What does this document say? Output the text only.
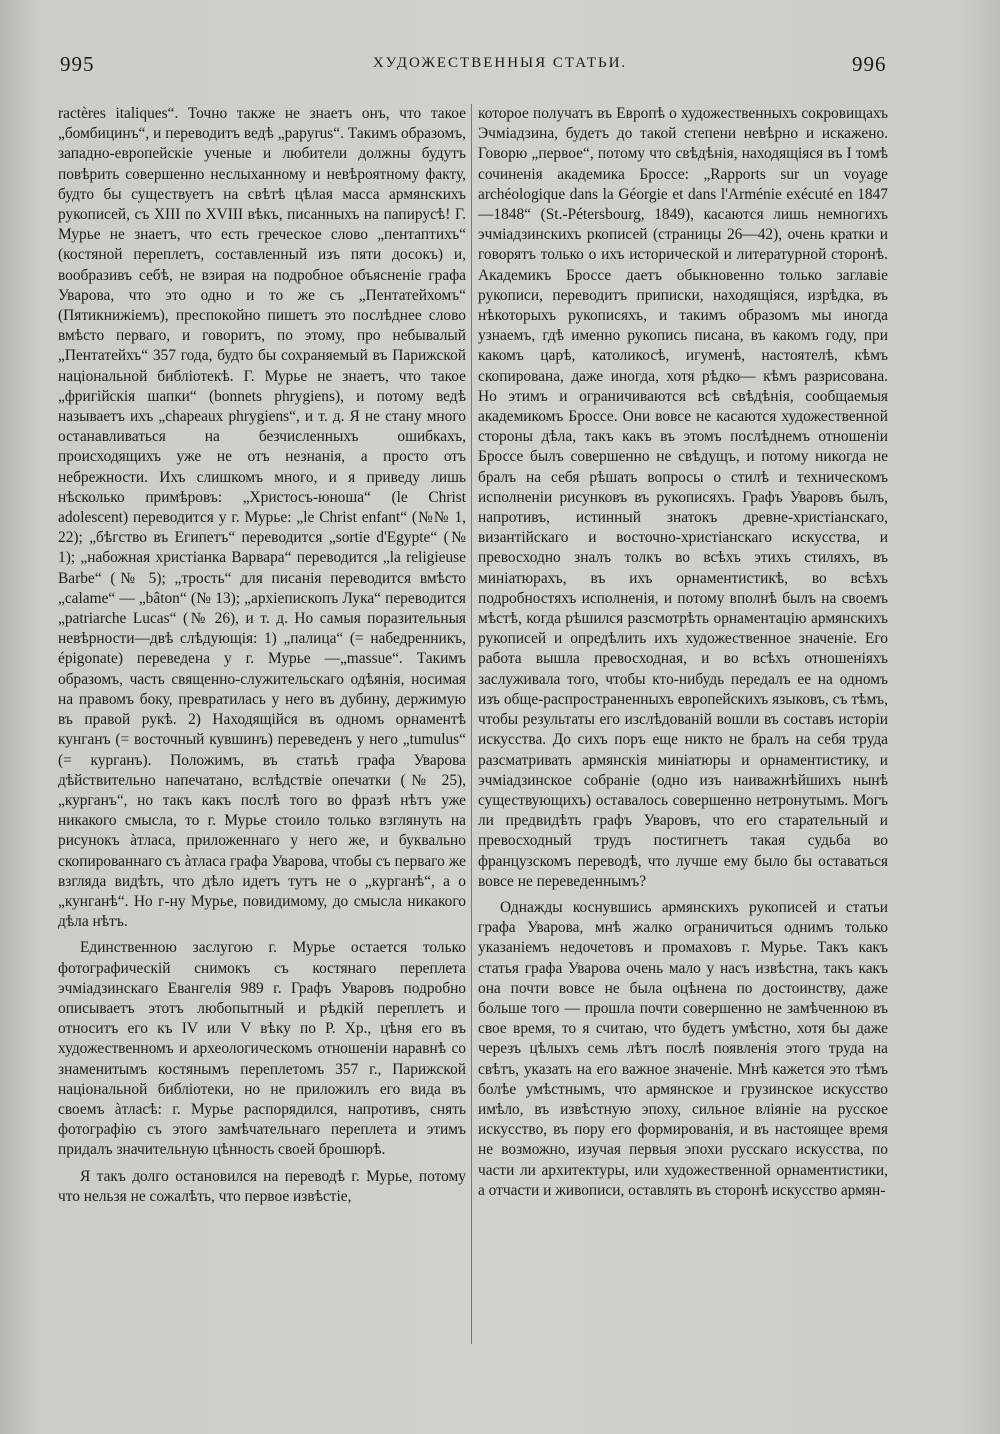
995	ХУДОЖЕСТВЕННЫЯ СТАТЬИ.	996

ractères italiques“. Точно также не знаетъ онъ, что такое „бомбицинъ“, и переводитъ ведѣ „papyrus“. Такимъ образомъ, западно-европейскіе ученые и любители должны будутъ повѣрить совершенно неслыханному и невѣроятному факту, будто бы существуетъ на свѣтѣ цѣлая масса армянскихъ рукописей, съ XIII по XVIII вѣкъ, писанныхъ на папирусѣ! Г. Мурье не знаетъ, что есть греческое слово „пентаптихъ“ (костяной переплетъ, составленный изъ пяти досокъ) и, вообразивъ себѣ, не взирая на подробное объясненіе графа Уварова, что это одно и то же съ „Пентатейхомъ“ (Пятикнижіемъ), преспокойно пишетъ это послѣднее слово вмѣсто перваго, и говоритъ, по этому, про небывалый „Пентатейхъ“ 357 года, будто бы сохраняемый въ Парижской національной библіотекѣ. Г. Мурье не знаетъ, что такое „фригійскія шапки“ (bonnets phrygiens), и потому ведѣ называетъ ихъ „chapeaux phrygiens“, и т. д. Я не стану много останавливаться на безчисленныхъ ошибкахъ, происходящихъ уже не отъ незнанія, а просто отъ небрежности. Ихъ слишкомъ много, и я приведу лишь нѣсколько примѣровъ: „Христосъ-юноша“ (le Christ adolescent) переводится у г. Мурье: „le Christ enfant“ (№№ 1, 22); „бѣгство въ Египетъ“ переводится „sortie d'Egypte“ (№ 1); „набожная христіанка Варвара“ переводится „la religieuse Barbe“ (№ 5); „трость“ для писанія переводится вмѣсто „calame“ — „bâton“ (№ 13); „архіепископъ Лука“ переводится „patriarche Lucas“ (№ 26), и т. д. Но самыя поразительныя невѣрности—двѣ слѣдующія: 1) „палица“ (= набедренникъ, épigonate) переведена у г. Мурье —„massue“. Такимъ образомъ, часть священно-служительскаго одѣянія, носимая на правомъ боку, превратилась у него въ дубину, держимую въ правой рукѣ. 2) Находящійся въ одномъ орнаментѣ кунганъ (= восточный кувшинъ) переведенъ у него „tumulus“ (= курганъ). Положимъ, въ статьѣ графа Уварова дѣйствительно напечатано, вслѣдствіе опечатки (№ 25), „курганъ“, но такъ какъ послѣ того во фразѣ нѣтъ уже никакого смысла, то г. Мурье стоило только взглянуть на рисунокъ àтласа, приложеннаго у него же, и буквально скопированнаго съ àтласа графа Уварова, чтобы съ перваго же взгляда видѣть, что дѣло идетъ тутъ не о „курганѣ“, а о „кунганѣ“. Но г-ну Мурье, повидимому, до смысла никакого дѣла нѣтъ.

Единственною заслугою г. Мурье остается только фотографическій снимокъ съ костянаго переплета эчміадзинскаго Евангелія 989 г. Графъ Уваровъ подробно описываетъ этотъ любопытный и рѣдкій переплетъ и относитъ его къ IV или V вѣку по Р. Хр., цѣня его въ художественномъ и археологическомъ отношеніи наравнѣ со знаменитымъ костянымъ переплетомъ 357 г., Парижской національной библіотеки, но не приложилъ его вида въ своемъ àтласѣ: г. Мурье распорядился, напротивъ, снять фотографію съ этого замѣчательнаго переплета и этимъ придалъ значительную цѣнность своей брошюрѣ.

Я такъ долго остановился на переводѣ г. Мурье, потому что нельзя не сожалѣть, что первое извѣстіе,

которое получатъ въ Европѣ о художественныхъ сокровищахъ Эчміадзина, будетъ до такой степени невѣрно и искажено. Говорю „первое“, потому что свѣдѣнія, находящіяся въ I томѣ сочиненія академика Броссе: „Rapports sur un voyage archéologique dans la Géorgie et dans l'Arménie exécuté en 1847—1848“ (St.-Pétersbourg, 1849), касаются лишь немногихъ эчміадзинскихъ ркописей (страницы 26—42), очень кратки и говорятъ только о ихъ исторической и литературной сторонѣ. Академикъ Броссе даетъ обыкновенно только заглавіе рукописи, переводитъ приписки, находящіяся, изрѣдка, въ нѣкоторыхъ рукописяхъ, и такимъ образомъ мы иногда узнаемъ, гдѣ именно рукопись писана, въ какомъ году, при какомъ царѣ, католикосѣ, игуменѣ, настоятелѣ, кѣмъ скопирована, даже иногда, хотя рѣдко— кѣмъ разрисована. Но этимъ и ограничиваются всѣ свѣдѣнія, сообщаемыя академикомъ Броссе. Они вовсе не касаются художественной стороны дѣла, такъ какъ въ этомъ послѣднемъ отношеніи Броссе былъ совершенно не свѣдущъ, и потому никогда не бралъ на себя рѣшать вопросы о стилѣ и техническомъ исполненіи рисунковъ въ рукописяхъ. Графъ Уваровъ былъ, напротивъ, истинный знатокъ древне-христіанскаго, византійскаго и восточно-христіанскаго искусства, и превосходно зналъ толкъ во всѣхъ этихъ стиляхъ, въ миніатюрахъ, въ ихъ орнаментистикѣ, во всѣхъ подробностяхъ исполненія, и потому вполнѣ былъ на своемъ мѣстѣ, когда рѣшился разсмотрѣть орнаментацію армянскихъ рукописей и опредѣлить ихъ художественное значеніе. Его работа вышла превосходная, и во всѣхъ отношеніяхъ заслуживала того, чтобы кто-нибудь передалъ ее на одномъ изъ обще-распространенныхъ европейскихъ языковъ, съ тѣмъ, чтобы результаты его изслѣдованій вошли въ составъ исторіи искусства. До сихъ поръ еще никто не бралъ на себя труда разсматривать армянскія миніатюры и орнаментистику, и эчміадзинское собраніе (одно изъ наиважнѣйшихъ нынѣ существующихъ) оставалось совершенно нетронутымъ. Могъ ли предвидѣть графъ Уваровъ, что его старательный и превосходный трудъ постигнетъ такая судьба во французскомъ переводѣ, что лучше ему было бы оставаться вовсе не переведеннымъ?

Однажды коснувшись армянскихъ рукописей и статьи графа Уварова, мнѣ жалко ограничиться однимъ только указаніемъ недочетовъ и промаховъ г. Мурье. Такъ какъ статья графа Уварова очень мало у насъ извѣстна, такъ какъ она почти вовсе не была оцѣнена по достоинству, даже больше того — прошла почти совершенно не замѣченною въ свое время, то я считаю, что будетъ умѣстно, хотя бы даже черезъ цѣлыхъ семь лѣтъ послѣ появленія этого труда на свѣтъ, указать на его важное значеніе. Мнѣ кажется это тѣмъ болѣе умѣстнымъ, что армянское и грузинское искусство имѣло, въ извѣстную эпоху, сильное вліяніе на русское искусство, въ пору его формированія, и въ настоящее время не возможно, изучая первыя эпохи русскаго искусства, по части ли архитектуры, или художественной орнаментистики, а отчасти и живописи, оставлять въ сторонѣ искусство армян-
